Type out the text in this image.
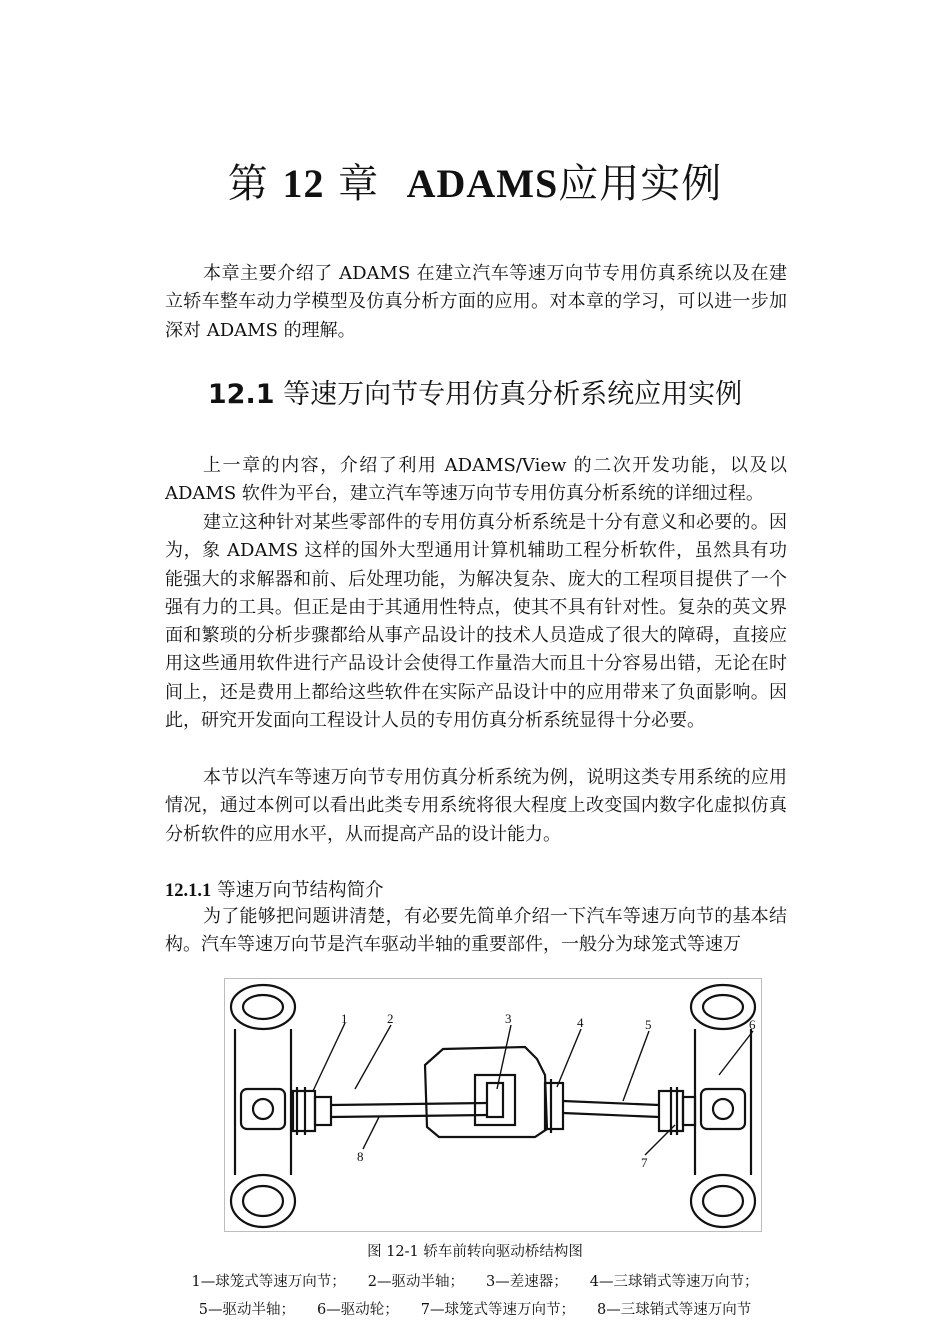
第 12 章 ADAMS应用实例

本章主要介绍了 ADAMS 在建立汽车等速万向节专用仿真系统以及在建立轿车整车动力学模型及仿真分析方面的应用。对本章的学习，可以进一步加深对 ADAMS 的理解。

12.1 等速万向节专用仿真分析系统应用实例

上一章的内容，介绍了利用 ADAMS/View 的二次开发功能，以及以 ADAMS 软件为平台，建立汽车等速万向节专用仿真分析系统的详细过程。

建立这种针对某些零部件的专用仿真分析系统是十分有意义和必要的。因为，象 ADAMS 这样的国外大型通用计算机辅助工程分析软件，虽然具有功能强大的求解器和前、后处理功能，为解决复杂、庞大的工程项目提供了一个强有力的工具。但正是由于其通用性特点，使其不具有针对性。复杂的英文界面和繁琐的分析步骤都给从事产品设计的技术人员造成了很大的障碍，直接应用这些通用软件进行产品设计会使得工作量浩大而且十分容易出错，无论在时间上，还是费用上都给这些软件在实际产品设计中的应用带来了负面影响。因此，研究开发面向工程设计人员的专用仿真分析系统显得十分必要。

本节以汽车等速万向节专用仿真分析系统为例，说明这类专用系统的应用情况，通过本例可以看出此类专用系统将很大程度上改变国内数字化虚拟仿真分析软件的应用水平，从而提高产品的设计能力。

12.1.1 等速万向节结构简介

为了能够把问题讲清楚，有必要先简单介绍一下汽车等速万向节的基本结构。汽车等速万向节是汽车驱动半轴的重要部件，一般分为球笼式等速万

1	2	3	4	5	6
7
8
图 12-1 轿车前转向驱动桥结构图
1—球笼式等速万向节； 2—驱动半轴； 3—差速器； 4—三球销式等速万向节；
5—驱动半轴； 6—驱动轮； 7—球笼式等速万向节； 8—三球销式等速万向节
